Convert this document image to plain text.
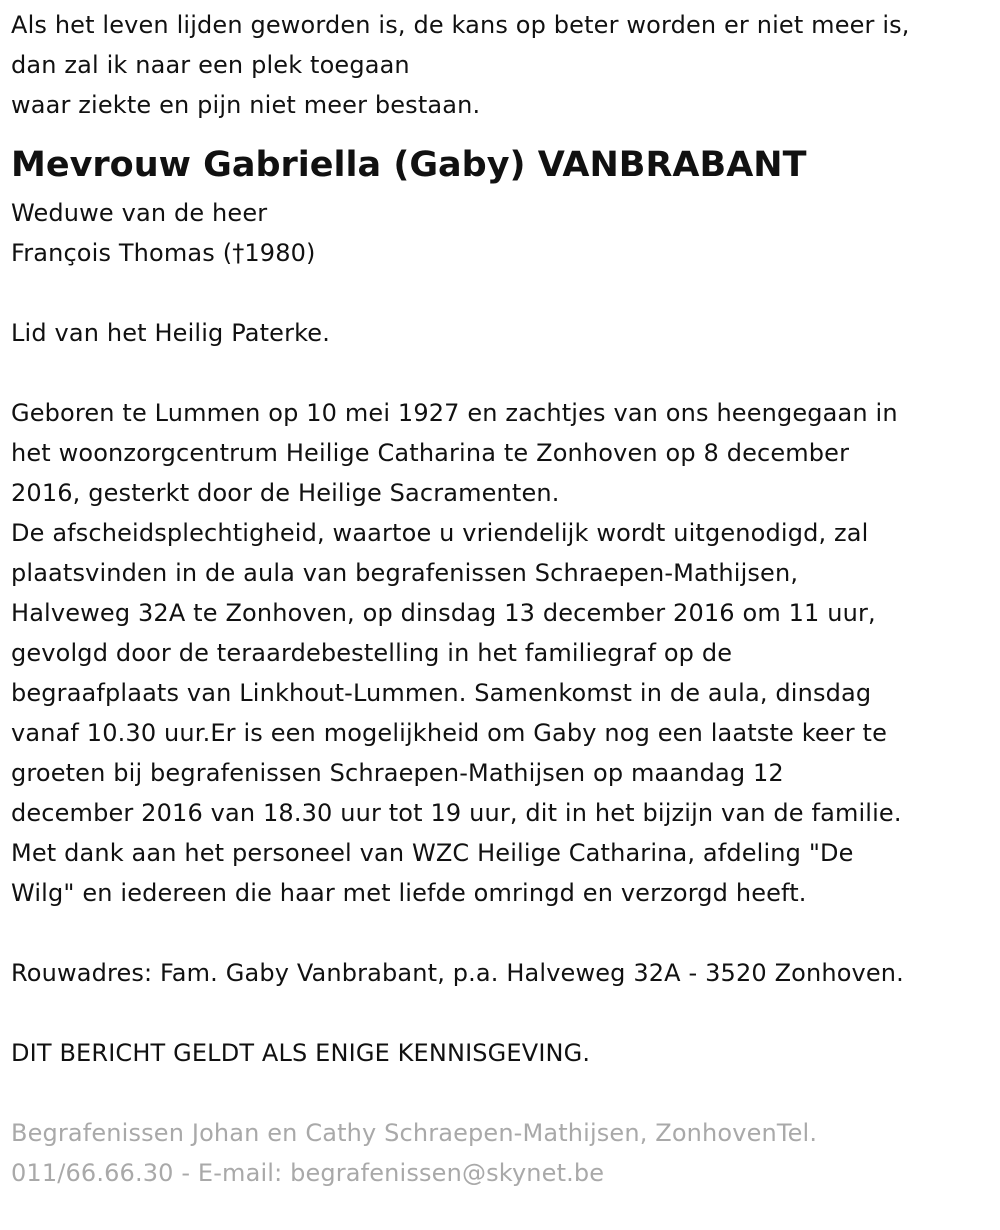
Als het leven lijden geworden is, de kans op beter worden er niet meer is,
dan zal ik naar een plek toegaan
waar ziekte en pijn niet meer bestaan.
Mevrouw Gabriella (Gaby) VANBRABANT
Weduwe van de heer
François Thomas (†1980)
Lid van het Heilig Paterke.
Geboren te Lummen op 10 mei 1927 en zachtjes van ons heengegaan in
het woonzorgcentrum Heilige Catharina te Zonhoven op 8 december
2016, gesterkt door de Heilige Sacramenten.
De afscheidsplechtigheid, waartoe u vriendelijk wordt uitgenodigd, zal
plaatsvinden in de aula van begrafenissen Schraepen-Mathijsen,
Halveweg 32A te Zonhoven, op dinsdag 13 december 2016 om 11 uur,
gevolgd door de teraardebestelling in het familiegraf op de
begraafplaats van Linkhout-Lummen. Samenkomst in de aula, dinsdag
vanaf 10.30 uur.Er is een mogelijkheid om Gaby nog een laatste keer te
groeten bij begrafenissen Schraepen-Mathijsen op maandag 12
december 2016 van 18.30 uur tot 19 uur, dit in het bijzijn van de familie.
Met dank aan het personeel van WZC Heilige Catharina, afdeling "De
Wilg" en iedereen die haar met liefde omringd en verzorgd heeft.
Rouwadres: Fam. Gaby Vanbrabant, p.a. Halveweg 32A - 3520 Zonhoven.
DIT BERICHT GELDT ALS ENIGE KENNISGEVING.
Begrafenissen Johan en Cathy Schraepen-Mathijsen, ZonhovenTel.
011/66.66.30 - E-mail: begrafenissen@skynet.be
